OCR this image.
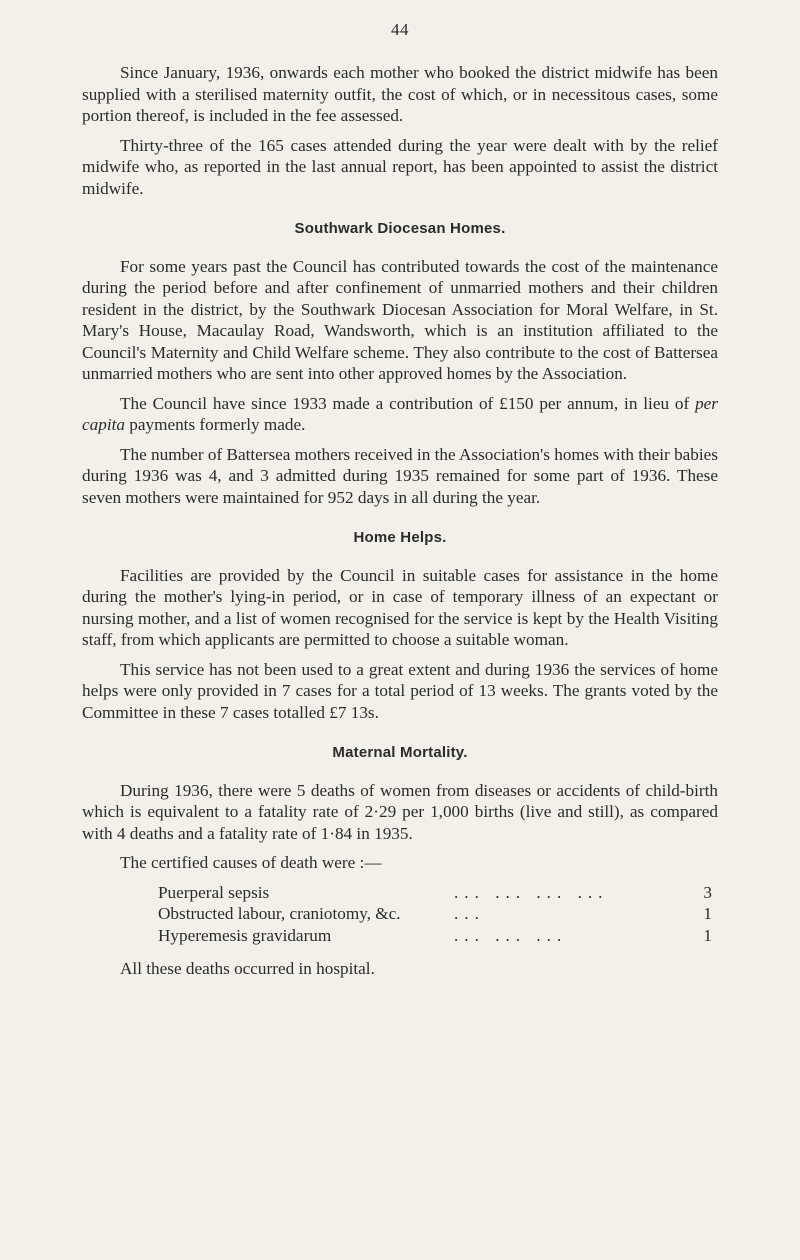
44

Since January, 1936, onwards each mother who booked the district midwife has been supplied with a sterilised maternity outfit, the cost of which, or in necessitous cases, some portion thereof, is included in the fee assessed.

Thirty-three of the 165 cases attended during the year were dealt with by the relief midwife who, as reported in the last annual report, has been appointed to assist the district midwife.

Southwark Diocesan Homes.

For some years past the Council has contributed towards the cost of the maintenance during the period before and after confinement of unmarried mothers and their children resident in the district, by the Southwark Diocesan Association for Moral Welfare, in St. Mary's House, Macaulay Road, Wandsworth, which is an institution affiliated to the Council's Maternity and Child Welfare scheme. They also contribute to the cost of Battersea unmarried mothers who are sent into other approved homes by the Association.

The Council have since 1933 made a contribution of £150 per annum, in lieu of per capita payments formerly made.

The number of Battersea mothers received in the Association's homes with their babies during 1936 was 4, and 3 admitted during 1935 remained for some part of 1936. These seven mothers were maintained for 952 days in all during the year.

Home Helps.

Facilities are provided by the Council in suitable cases for assistance in the home during the mother's lying-in period, or in case of temporary illness of an expectant or nursing mother, and a list of women recognised for the service is kept by the Health Visiting staff, from which applicants are permitted to choose a suitable woman.

This service has not been used to a great extent and during 1936 the services of home helps were only provided in 7 cases for a total period of 13 weeks. The grants voted by the Committee in these 7 cases totalled £7 13s.

Maternal Mortality.

During 1936, there were 5 deaths of women from diseases or accidents of child-birth which is equivalent to a fatality rate of 2·29 per 1,000 births (live and still), as compared with 4 deaths and a fatality rate of 1·84 in 1935.

The certified causes of death were :—

Puerperal sepsis	... ... ... ...	3
Obstructed labour, craniotomy, &c.	...	1
Hyperemesis gravidarum	... ... ...	1

All these deaths occurred in hospital.
